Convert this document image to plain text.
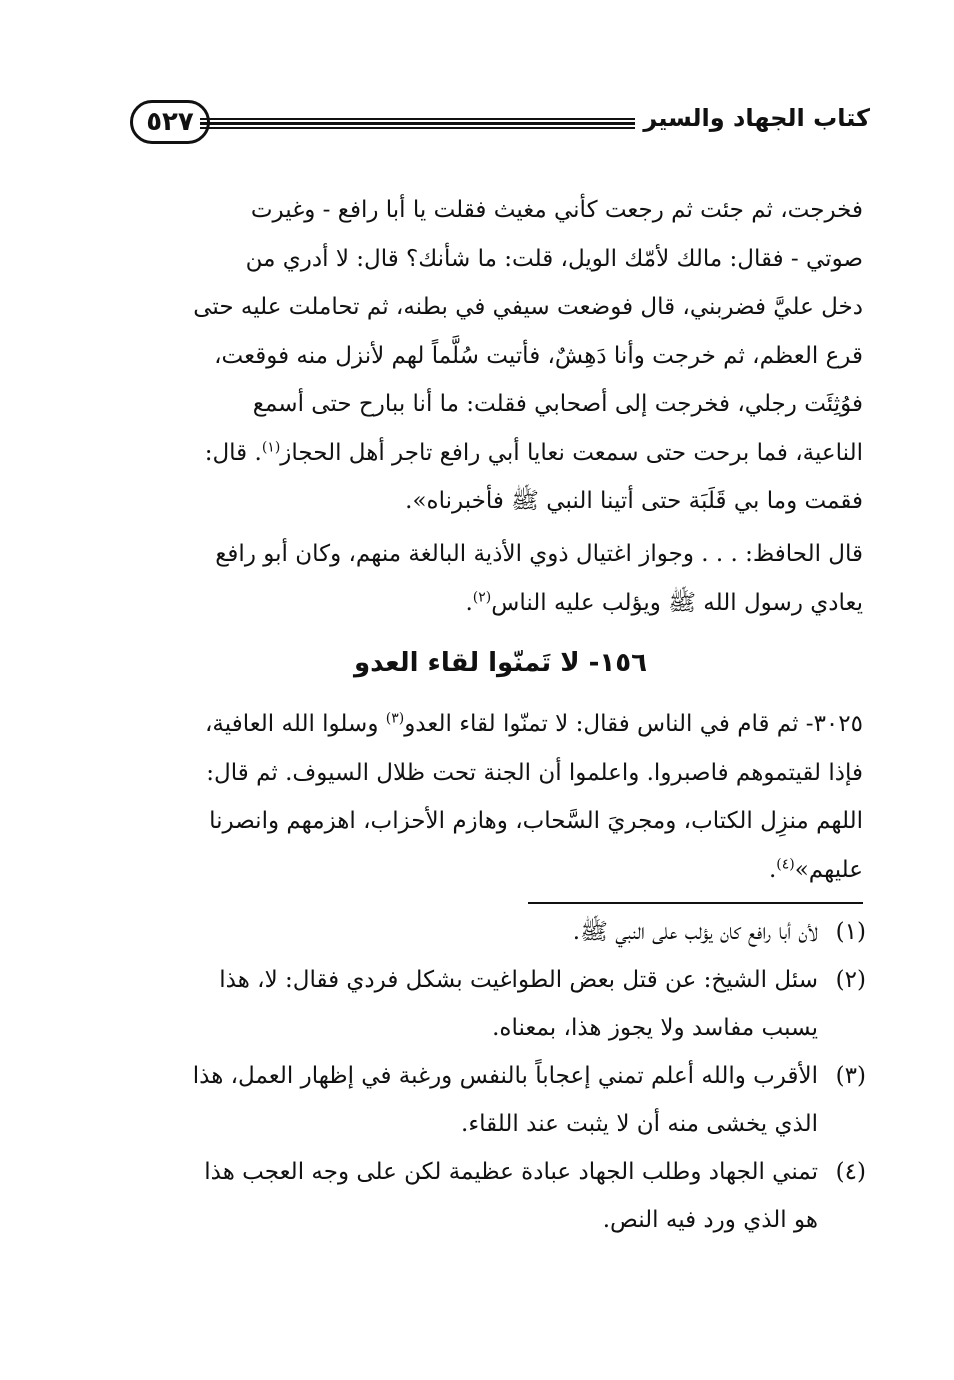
كتاب الجهاد والسير
٥٢٧
فخرجت، ثم جئت ثم رجعت كأني مغيث فقلت يا أبا رافع - وغيرت
صوتي - فقال: مالك لأمّك الويل، قلت: ما شأنك؟ قال: لا أدري من
دخل عليَّ فضربني، قال فوضعت سيفي في بطنه، ثم تحاملت عليه حتى
قرع العظم، ثم خرجت وأنا دَهِشٌ، فأتيت سُلَّماً لهم لأنزل منه فوقعت،
فوُثِئَت رجلي، فخرجت إلى أصحابي فقلت: ما أنا ببارح حتى أسمع
الناعية، فما برحت حتى سمعت نعايا أبي رافع تاجر أهل الحجاز$^{(١)}$. قال:
فقمت وما بي قَلَبَة حتى أتينا النبي ﷺ فأخبرناه».
قال الحافظ: . . . وجواز اغتيال ذوي الأذية البالغة منهم، وكان أبو رافع
يعادي رسول الله ﷺ ويؤلب عليه الناس$^{(٢)}$.
١٥٦- لا تَمنّوا لقاء العدو
٣٠٢٥- ثم قام في الناس فقال: لا تمنّوا لقاء العدو$^{(٣)}$ وسلوا الله العافية،
فإذا لقيتموهم فاصبروا. واعلموا أن الجنة تحت ظلال السيوف. ثم قال:
اللهم منزِل الكتاب، ومجريَ السَّحاب، وهازم الأحزاب، اهزمهم وانصرنا
عليهم»$^{(٤)}$.
(١)
لأن أبا رافع كان يؤلب على النبي ﷺ.
(٢)
سئل الشيخ: عن قتل بعض الطواغيت بشكل فردي فقال: لا، هذا
يسبب مفاسد ولا يجوز هذا، بمعناه.
(٣)
الأقرب والله أعلم تمني إعجاباً بالنفس ورغبة في إظهار العمل، هذا
الذي يخشى منه أن لا يثبت عند اللقاء.
(٤)
تمني الجهاد وطلب الجهاد عبادة عظيمة لكن على وجه العجب هذا
هو الذي ورد فيه النص.
